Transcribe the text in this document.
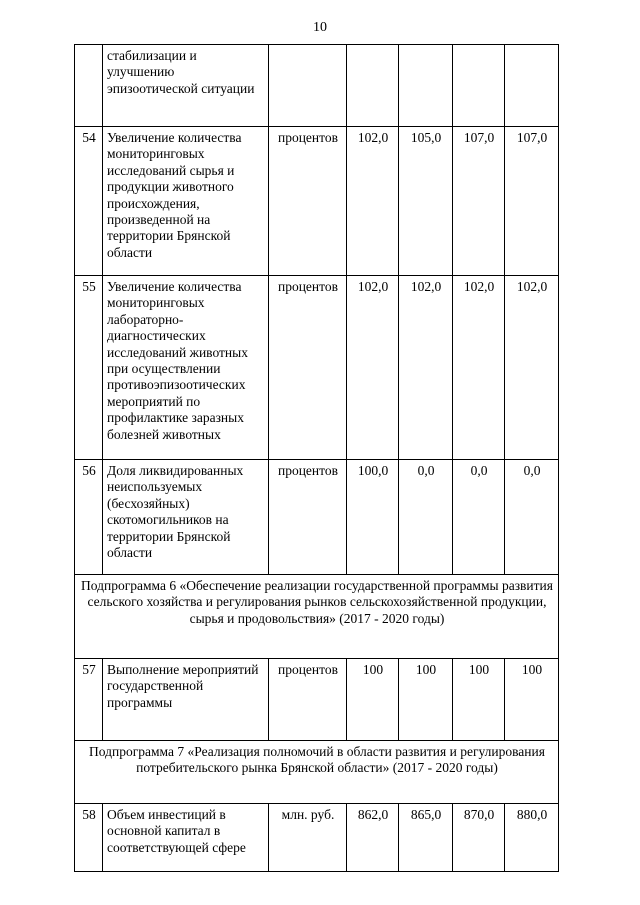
10
	стабилизации и улучшению эпизоотической ситуации					
54	Увеличение количества мониторинговых исследований сырья и продукции животного происхождения, произведенной на территории Брянской области	процентов	102,0	105,0	107,0	107,0
55	Увеличение количества мониторинговых лабораторно-диагностических исследований животных при осуществлении противоэпизоотических мероприятий по профилактике заразных болезней животных	процентов	102,0	102,0	102,0	102,0
56	Доля ликвидированных неиспользуемых (бесхозяйных) скотомогильников на территории Брянской области	процентов	100,0	0,0	0,0	0,0
Подпрограмма 6 «Обеспечение реализации государственной программы развития сельского хозяйства и регулирования рынков сельскохозяйственной продукции, сырья и продовольствия» (2017 - 2020 годы)						
57	Выполнение мероприятий государственной программы	процентов	100	100	100	100
Подпрограмма 7 «Реализация полномочий в области развития и регулирования потребительского рынка Брянской области» (2017 - 2020 годы)						
58	Объем инвестиций в основной капитал в соответствующей сфере	млн. руб.	862,0	865,0	870,0	880,0
